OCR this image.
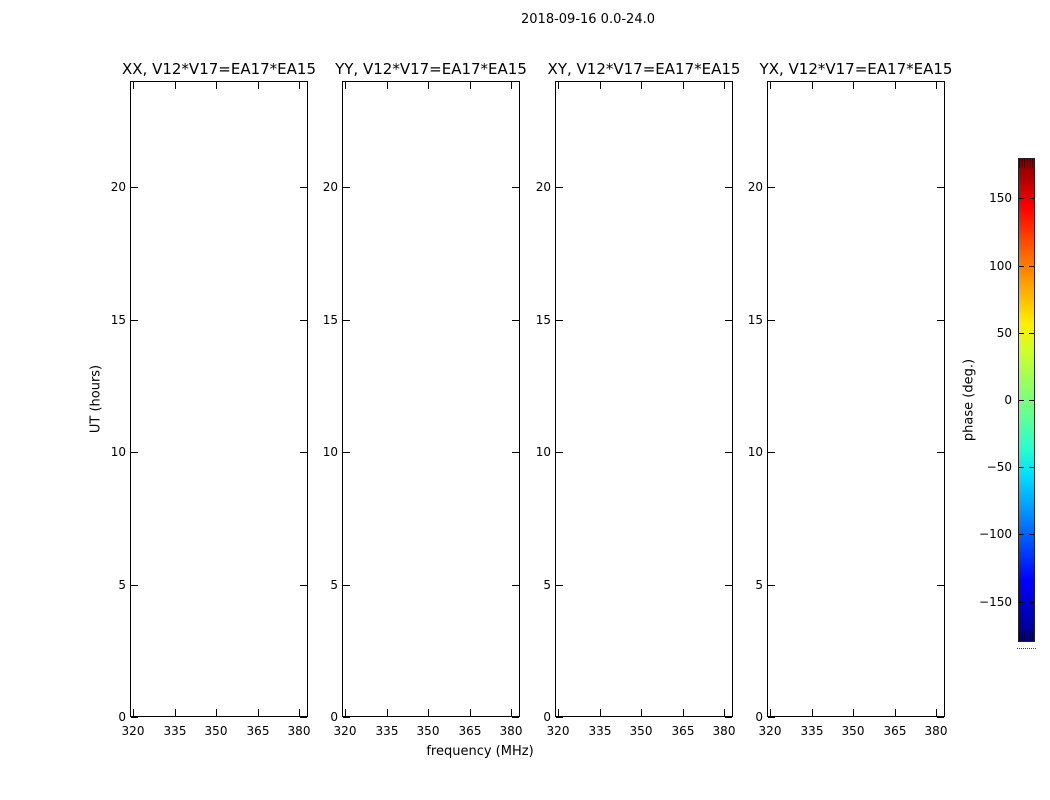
2018-09-16 0.0-24.0
XX, V12*V17=EA17*EA15
320 335 350 365 380
0
5
10
15
20
YY, V12*V17=EA17*EA15
320 335 350 365 380
0
5
10
15
20
XY, V12*V17=EA17*EA15
320 335 350 365 380
0
5
10
15
20
YX, V12*V17=EA17*EA15
320 335 350 365 380
0
5
10
15
20
UT (hours)
frequency (MHz)
150
100
50
0
−50
−100
−150
phase (deg.)
